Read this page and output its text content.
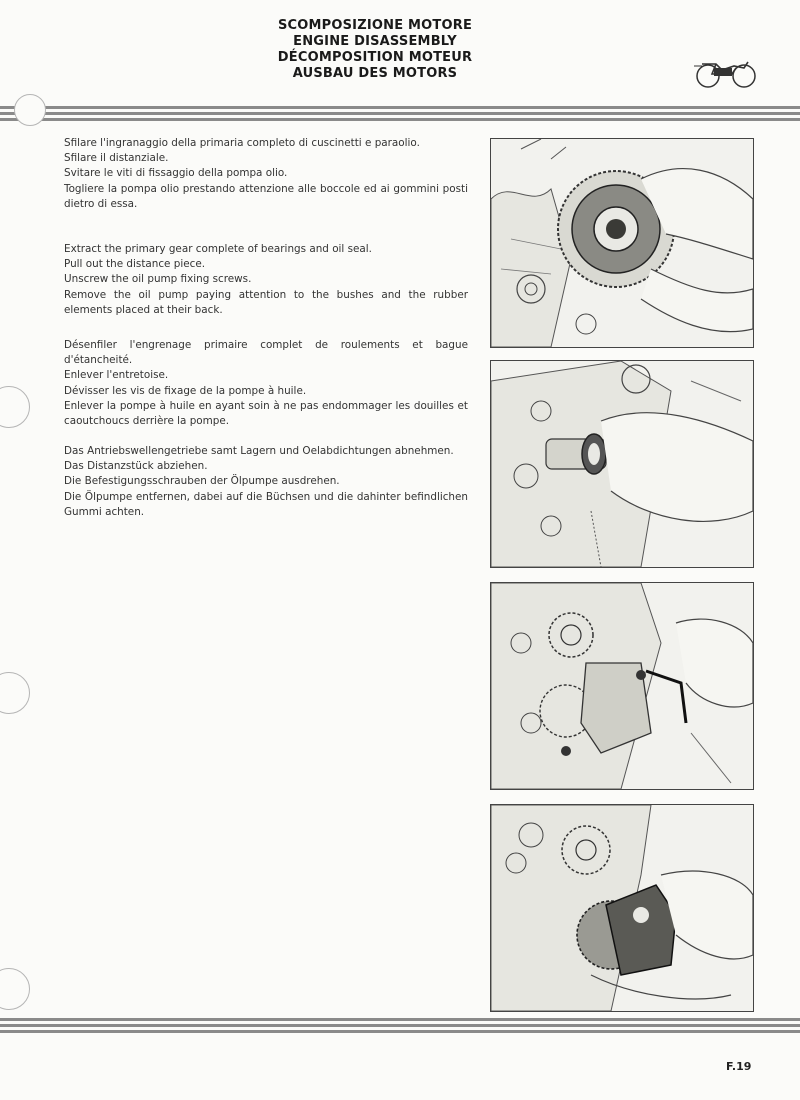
SCOMPOSIZIONE MOTORE
ENGINE DISASSEMBLY
DÉCOMPOSITION MOTEUR
AUSBAU DES MOTORS

Sfilare l'ingranaggio della primaria completo di cuscinetti e paraolio.

Sfilare il distanziale.

Svitare le viti di fissaggio della pompa olio.

Togliere la pompa olio prestando attenzione alle boccole ed ai gommini posti dietro di essa.

Extract the primary gear complete of bearings and oil seal.

Pull out the distance piece.

Unscrew the oil pump fixing screws.

Remove the oil pump paying attention to the bushes and the rubber elements placed at their back.

Désenfiler l'engrenage primaire complet de roulements et bague d'étancheité.

Enlever l'entretoise.

Dévisser les vis de fixage de la pompe à huile.

Enlever la pompe à huile en ayant soin à ne pas endommager les douilles et caoutchoucs derrière la pompe.

Das Antriebswellengetriebe samt Lagern und Oelabdichtungen abnehmen.

Das Distanzstück abziehen.

Die Befestigungsschrauben der Ölpumpe ausdrehen.

Die Ölpumpe entfernen, dabei auf die Büchsen und die dahinter befindlichen Gummi achten.

F.19
